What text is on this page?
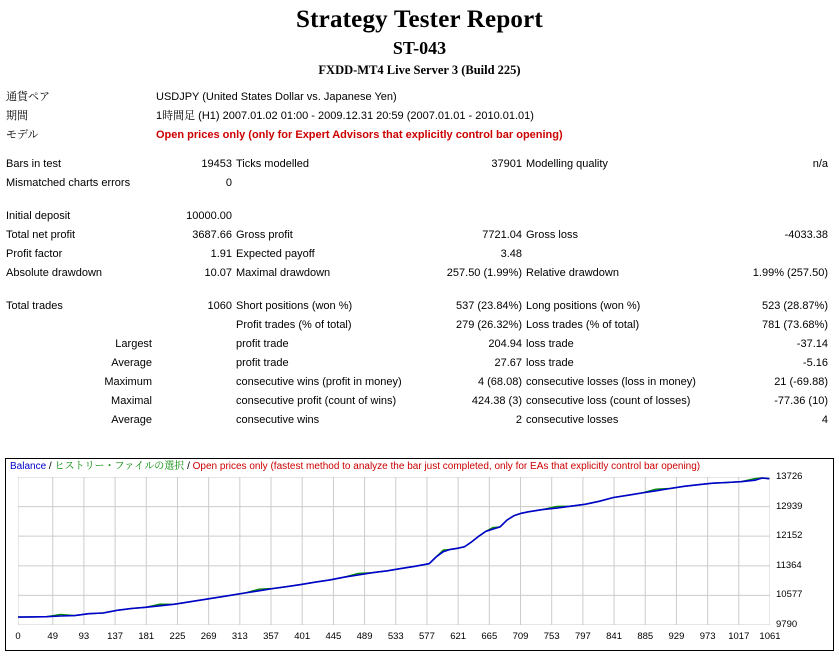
Strategy Tester Report
ST-043
FXDD-MT4 Live Server 3 (Build 225)
通貨ペア	USDJPY (United States Dollar vs. Japanese Yen)
期間	1時間足 (H1) 2007.01.02 01:00 - 2009.12.31 20:59 (2007.01.01 - 2010.01.01)
モデル	Open prices only (only for Expert Advisors that explicitly control bar opening)
Bars in test	19453	Ticks modelled	37901	Modelling quality	n/a
Mismatched charts errors	0				

Initial deposit	10000.00				
Total net profit	3687.66	Gross profit	7721.04	Gross loss	-4033.38
Profit factor	1.91	Expected payoff	3.48		
Absolute drawdown	10.07	Maximal drawdown	257.50 (1.99%)	Relative drawdown	1.99% (257.50)

Total trades	1060	Short positions (won %)	537 (23.84%)	Long positions (won %)	523 (28.87%)
		Profit trades (% of total)	279 (26.32%)	Loss trades (% of total)	781 (73.68%)
Largest		profit trade	204.94	loss trade	-37.14
Average		profit trade	27.67	loss trade	-5.16
Maximum		consecutive wins (profit in money)	4 (68.08)	consecutive losses (loss in money)	21 (-69.88)
Maximal		consecutive profit (count of wins)	424.38 (3)	consecutive loss (count of losses)	-77.36 (10)
Average		consecutive wins	2	consecutive losses	4
Balance / ヒストリー・ファイルの選択 / Open prices only (fastest method to analyze the bar just completed, only for EAs that explicitly control bar opening)
9790
10577
11364
12152
12939
13726
0	49 93 137 181 225 269 313 357 401 445 489 533 577 621 665 709 753 797 841 885 929 973 1017 1061
